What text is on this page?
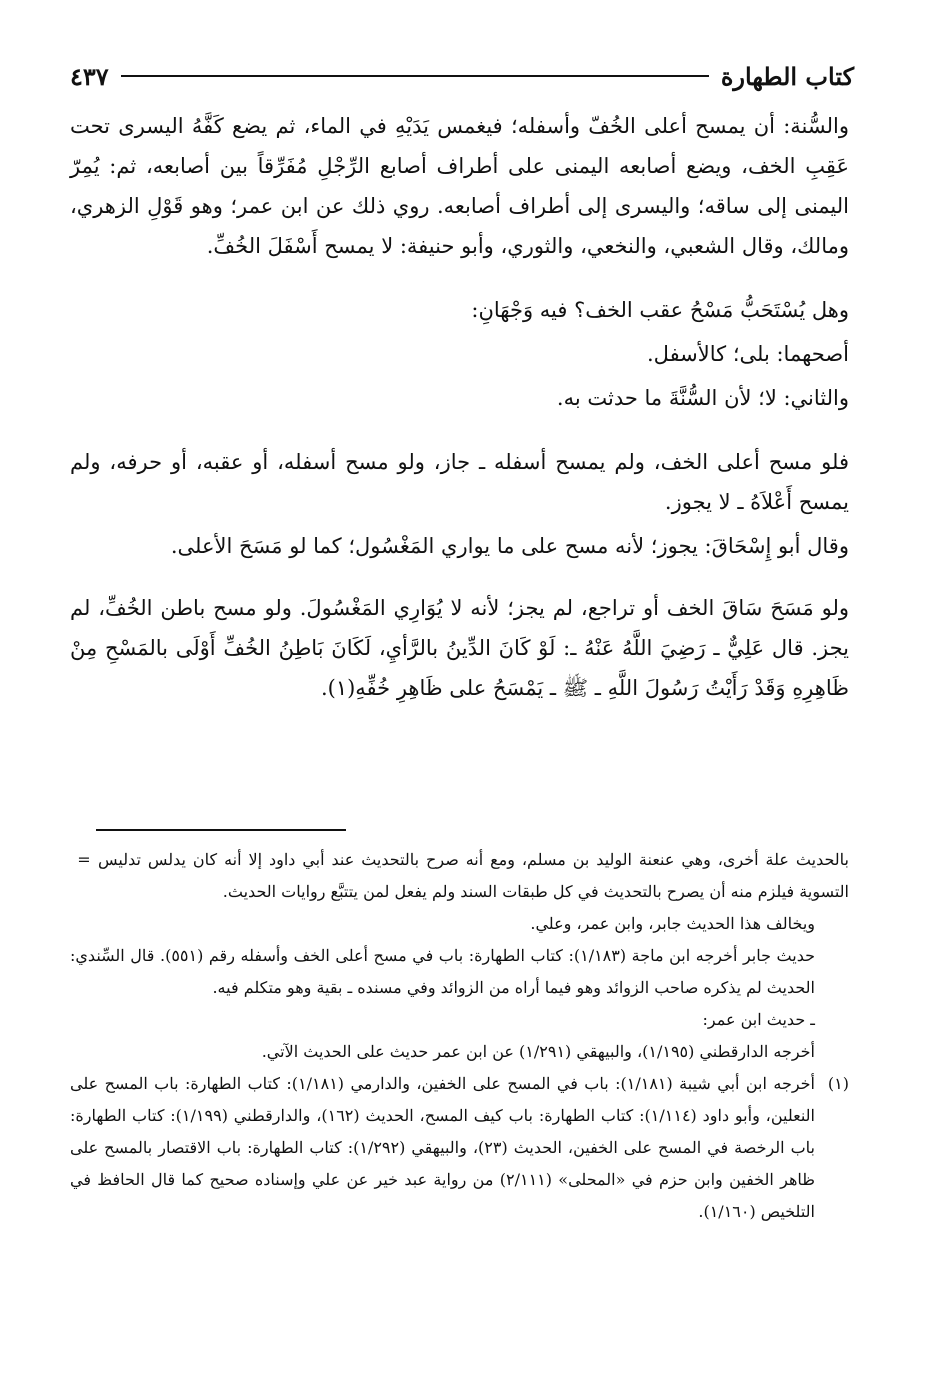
كتاب الطهارة
٤٣٧

والسُّنة: أن يمسح أعلى الخُفّ وأسفله؛ فيغمس يَدَيْهِ في الماء، ثم يضع كَفَّهُ اليسرى تحت عَقِبِ الخف، ويضع أصابعه اليمنى على أطراف أصابع الرِّجْلِ مُفَرِّقاً بين أصابعه، ثم: يُمِرّ اليمنى إلى ساقه؛ واليسرى إلى أطراف أصابعه. روي ذلك عن ابن عمر؛ وهو قَوْلِ الزهري، ومالك، وقال الشعبي، والنخعي، والثوري، وأبو حنيفة: لا يمسح أَسْفَلَ الخُفِّ.

وهل يُسْتَحَبُّ مَسْحُ عقب الخف؟ فيه وَجْهَانِ:

أصحهما: بلى؛ كالأسفل.

والثاني: لا؛ لأن السُّنَّةَ ما حدثت به.

فلو مسح أعلى الخف، ولم يمسح أسفله ـ جاز، ولو مسح أسفله، أو عقبه، أو حرفه، ولم يمسح أَعْلاَهُ ـ لا يجوز.

وقال أبو إِسْحَاقَ: يجوز؛ لأنه مسح على ما يواري المَغْسُول؛ كما لو مَسَحَ الأعلى.

ولو مَسَحَ سَاقَ الخف أو تراجع، لم يجز؛ لأنه لا يُوَارِي المَغْسُولَ. ولو مسح باطن الخُفِّ، لم يجز. قال عَلِيٌّ ـ رَضِيَ اللَّهُ عَنْهُ ـ: لَوْ كَانَ الدِّينُ بالرَّأيِ، لَكَانَ بَاطِنُ الخُفِّ أَوْلَى بالمَسْحِ مِنْ ظَاهِرِهِ وَقَدْ رَأَيْتُ رَسُولَ اللَّهِ ـ ﷺ ـ يَمْسَحُ على ظَاهِرِ خُفِّهِ(١).

بالحديث علة أخرى، وهي عنعنة الوليد بن مسلم، ومع أنه صرح بالتحديث عند أبي داود إلا أنه كان يدلس تدليس التسوية فيلزم منه أن يصرح بالتحديث في كل طبقات السند ولم يفعل لمن يتتبَّع روايات الحديث.
=

ويخالف هذا الحديث جابر، وابن عمر، وعلي.

حديث جابر أخرجه ابن ماجة (١/١٨٣): كتاب الطهارة: باب في مسح أعلى الخف وأسفله رقم (٥٥١). قال السِّندي: الحديث لم يذكره صاحب الزوائد وهو فيما أراه من الزوائد وفي مسنده ـ بقية وهو متكلم فيه.

ـ حديث ابن عمر:

أخرجه الدارقطني (١/١٩٥)، والبيهقي (١/٢٩١) عن ابن عمر حديث على الحديث الآتي.

(١)
أخرجه ابن أبي شيبة (١/١٨١): باب في المسح على الخفين، والدارمي (١/١٨١): كتاب الطهارة: باب المسح على النعلين، وأبو داود (١/١١٤): كتاب الطهارة: باب كيف المسح، الحديث (١٦٢)، والدارقطني (١/١٩٩): كتاب الطهارة: باب الرخصة في المسح على الخفين، الحديث (٢٣)، والبيهقي (١/٢٩٢): كتاب الطهارة: باب الاقتصار بالمسح على ظاهر الخفين وابن حزم في «المحلى» (٢/١١١) من رواية عبد خير عن علي وإسناده صحيح كما قال الحافظ في التلخيص (١/١٦٠).
